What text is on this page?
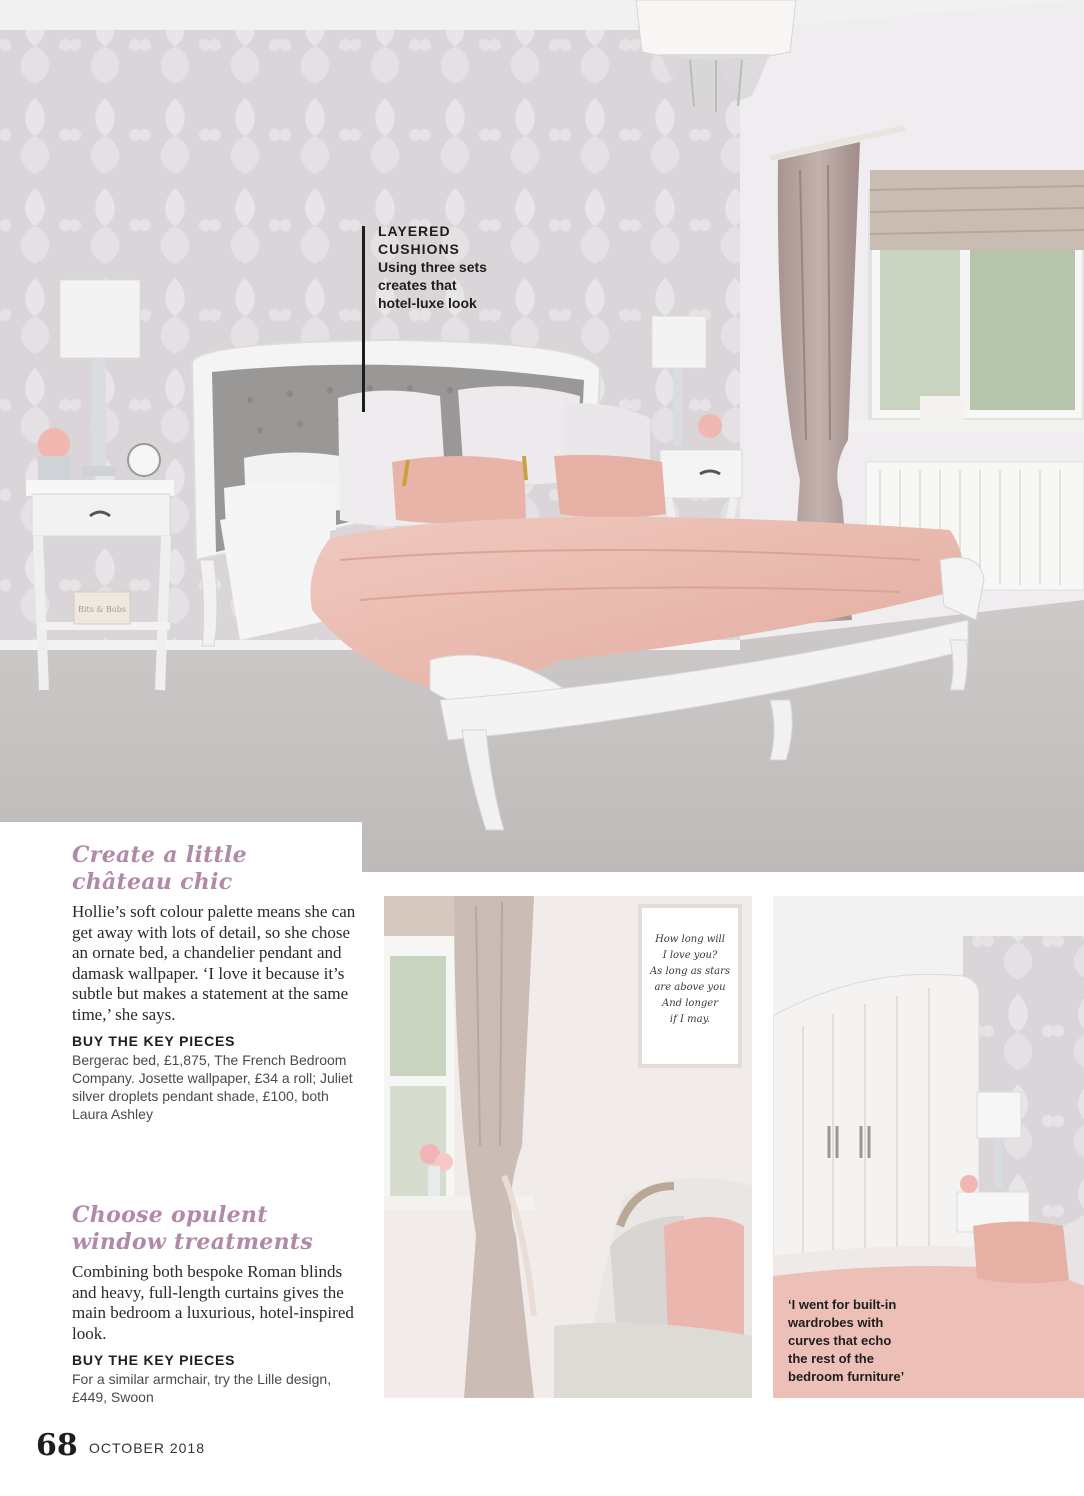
Bits & Bobs
LAYERED
CUSHIONS
Using three sets
creates that
hotel-luxe look
Create a little
château chic

Hollie’s soft colour palette means she can get away with lots of detail, so she chose an ornate bed, a chandelier pendant and damask wallpaper. ‘I love it because it’s subtle but makes a statement at the same time,’ she says.

BUY THE KEY PIECES

Bergerac bed, £1,875, The French Bedroom Company. Josette wallpaper, £34 a roll; Juliet silver droplets pendant shade, £100, both Laura Ashley

Choose opulent
window treatments

Combining both bespoke Roman blinds and heavy, full-length curtains gives the main bedroom a luxurious, hotel-inspired look.

BUY THE KEY PIECES

For a similar armchair, try the Lille design, £449, Swoon

How long will
I love you?
As long as stars
are above you
And longer
if I may.
‘I went for built-in
wardrobes with
curves that echo
the rest of the
bedroom furniture’
68 OCTOBER 2018
